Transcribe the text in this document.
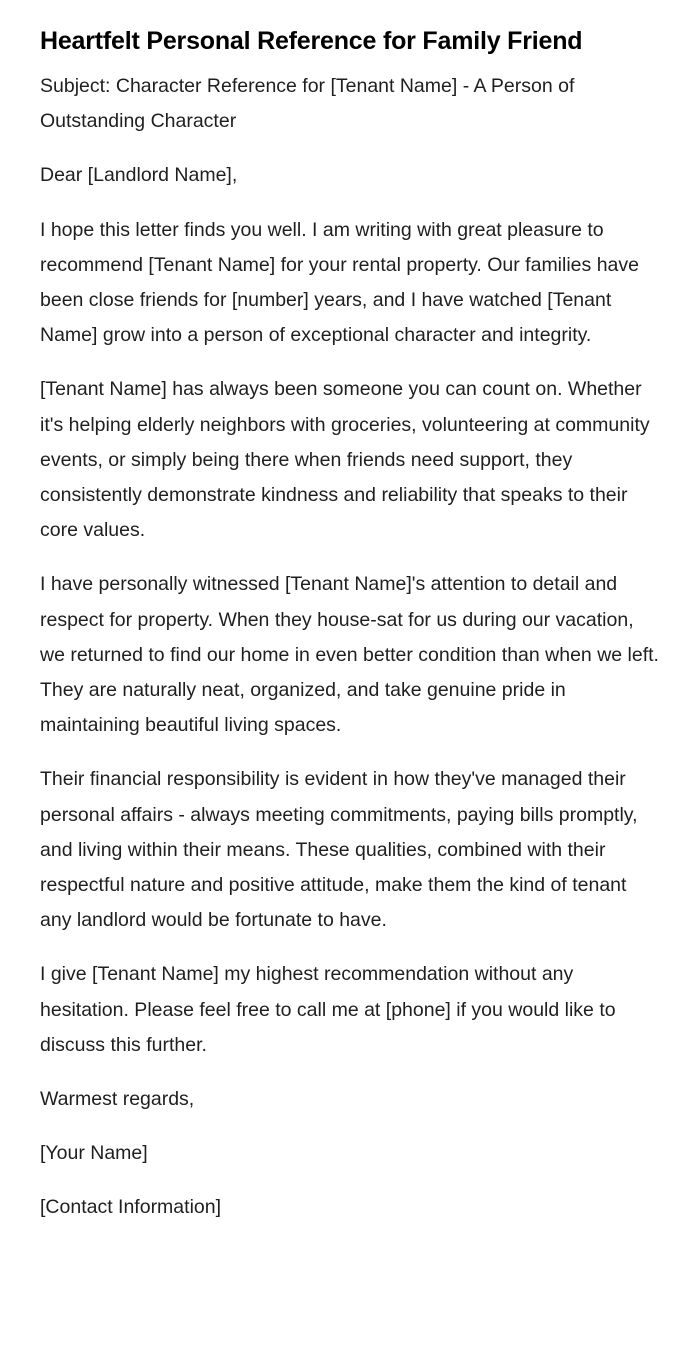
Heartfelt Personal Reference for Family Friend

Subject: Character Reference for [Tenant Name] - A Person of Outstanding Character

Dear [Landlord Name],

I hope this letter finds you well. I am writing with great pleasure to recommend [Tenant Name] for your rental property. Our families have been close friends for [number] years, and I have watched [Tenant Name] grow into a person of exceptional character and integrity.

[Tenant Name] has always been someone you can count on. Whether it's helping elderly neighbors with groceries, volunteering at community events, or simply being there when friends need support, they consistently demonstrate kindness and reliability that speaks to their core values.

I have personally witnessed [Tenant Name]'s attention to detail and respect for property. When they house-sat for us during our vacation, we returned to find our home in even better condition than when we left. They are naturally neat, organized, and take genuine pride in maintaining beautiful living spaces.

Their financial responsibility is evident in how they've managed their personal affairs - always meeting commitments, paying bills promptly, and living within their means. These qualities, combined with their respectful nature and positive attitude, make them the kind of tenant any landlord would be fortunate to have.

I give [Tenant Name] my highest recommendation without any hesitation. Please feel free to call me at [phone] if you would like to discuss this further.

Warmest regards,

[Your Name]

[Contact Information]
